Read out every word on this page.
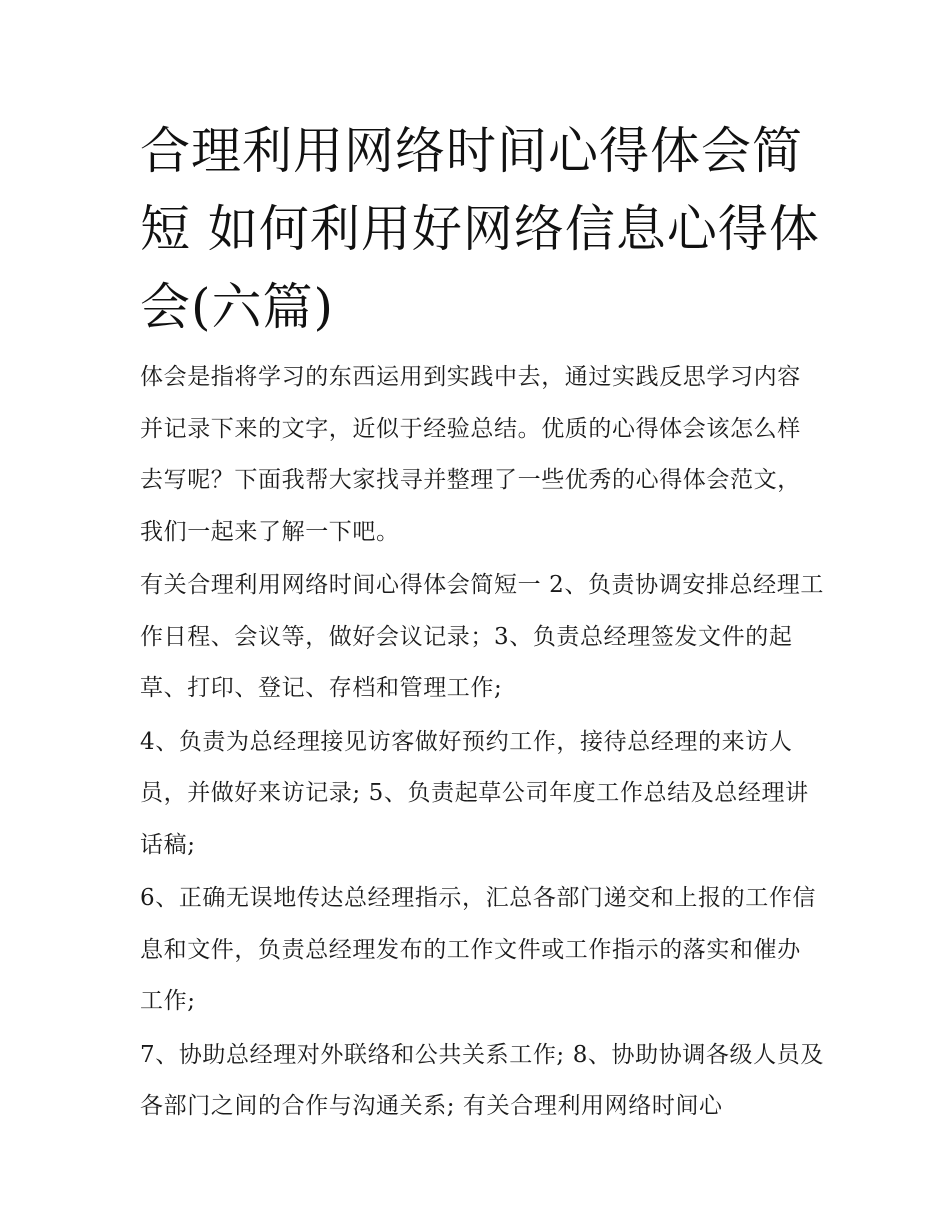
合理利用网络时间心得体会简短 如何利用好网络信息心得体会(六篇)

体会是指将学习的东西运用到实践中去，通过实践反思学习内容并记录下来的文字，近似于经验总结。优质的心得体会该怎么样去写呢？下面我帮大家找寻并整理了一些优秀的心得体会范文，我们一起来了解一下吧。

有关合理利用网络时间心得体会简短一 2、负责协调安排总经理工作日程、会议等，做好会议记录；3、负责总经理签发文件的起草、打印、登记、存档和管理工作;

4、负责为总经理接见访客做好预约工作，接待总经理的来访人员，并做好来访记录; 5、负责起草公司年度工作总结及总经理讲话稿;

6、正确无误地传达总经理指示，汇总各部门递交和上报的工作信息和文件，负责总经理发布的工作文件或工作指示的落实和催办工作;

7、协助总经理对外联络和公共关系工作; 8、协助协调各级人员及各部门之间的合作与沟通关系; 有关合理利用网络时间心
